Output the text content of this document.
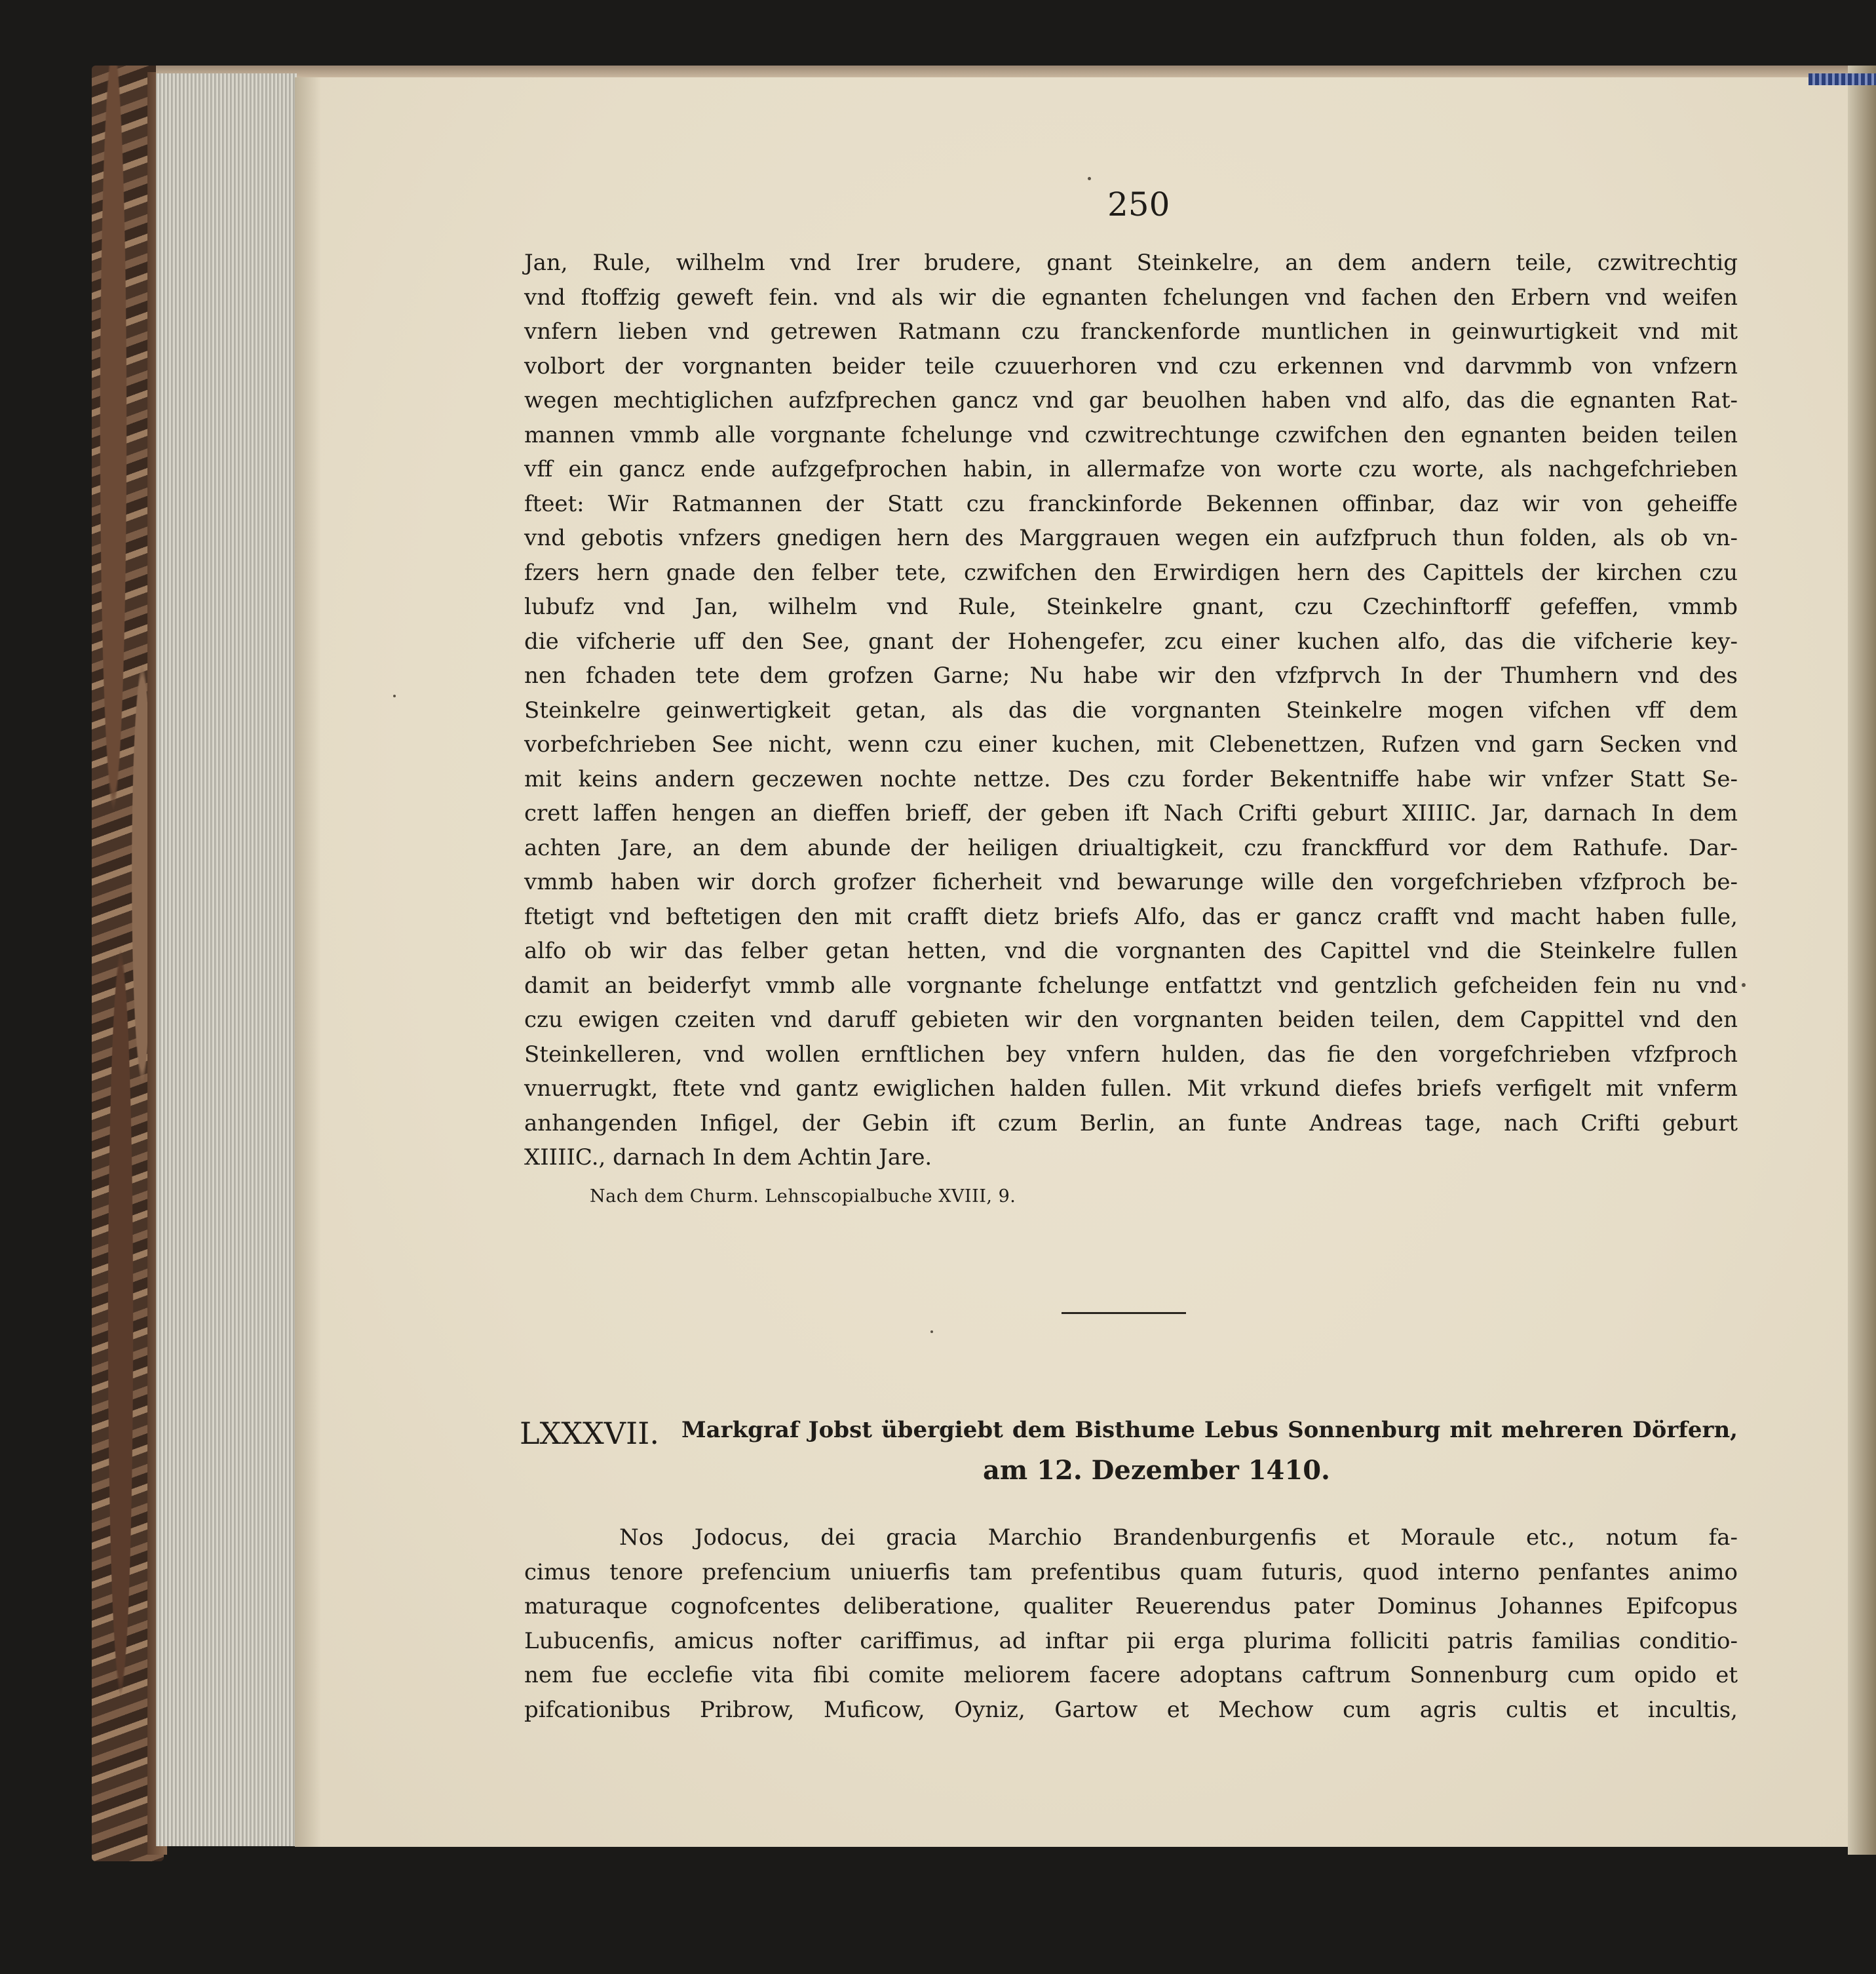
250
Jan, Rule, wilhelm vnd Irer brudere, gnant Steinkelre, an dem andern teile, czwitrechtig
vnd ftoffzig geweft fein. vnd als wir die egnanten fchelungen vnd fachen den Erbern vnd weifen
vnfern lieben vnd getrewen Ratmann czu franckenforde muntlichen in geinwurtigkeit vnd mit
volbort der vorgnanten beider teile czuuerhoren vnd czu erkennen vnd darvmmb von vnfzern
wegen mechtiglichen aufzfprechen gancz vnd gar beuolhen haben vnd alfo, das die egnanten Rat-
mannen vmmb alle vorgnante fchelunge vnd czwitrechtunge czwifchen den egnanten beiden teilen
vff ein gancz ende aufzgefprochen habin, in allermafze von worte czu worte, als nachgefchrieben
fteet: Wir Ratmannen der Statt czu franckinforde Bekennen offinbar, daz wir von geheiffe
vnd gebotis vnfzers gnedigen hern des Marggrauen wegen ein aufzfpruch thun folden, als ob vn-
fzers hern gnade den felber tete, czwifchen den Erwirdigen hern des Capittels der kirchen czu
lubufz vnd Jan, wilhelm vnd Rule, Steinkelre gnant, czu Czechinftorff gefeffen, vmmb
die vifcherie uff den See, gnant der Hohengefer, zcu einer kuchen alfo, das die vifcherie key-
nen fchaden tete dem grofzen Garne; Nu habe wir den vfzfprvch In der Thumhern vnd des
Steinkelre geinwertigkeit getan, als das die vorgnanten Steinkelre mogen vifchen vff dem
vorbefchrieben See nicht, wenn czu einer kuchen, mit Clebenettzen, Rufzen vnd garn Secken vnd
mit keins andern geczewen nochte nettze. Des czu forder Bekentniffe habe wir vnfzer Statt Se-
crett laffen hengen an dieffen brieff, der geben ift Nach Crifti geburt XIIIIC. Jar, darnach In dem
achten Jare, an dem abunde der heiligen driualtigkeit, czu franckffurd vor dem Rathufe. Dar-
vmmb haben wir dorch grofzer ficherheit vnd bewarunge wille den vorgefchrieben vfzfproch be-
ftetigt vnd beftetigen den mit crafft dietz briefs Alfo, das er gancz crafft vnd macht haben fulle,
alfo ob wir das felber getan hetten, vnd die vorgnanten des Capittel vnd die Steinkelre fullen
damit an beiderfyt vmmb alle vorgnante fchelunge entfattzt vnd gentzlich gefcheiden fein nu vnd
czu ewigen czeiten vnd daruff gebieten wir den vorgnanten beiden teilen, dem Cappittel vnd den
Steinkelleren, vnd wollen ernftlichen bey vnfern hulden, das fie den vorgefchrieben vfzfproch
vnuerrugkt, ftete vnd gantz ewiglichen halden fullen. Mit vrkund diefes briefs verfigelt mit vnferm
anhangenden Infigel, der Gebin ift czum Berlin, an funte Andreas tage, nach Crifti geburt
XIIIIC., darnach In dem Achtin Jare.
Nach dem Churm. Lehnscopialbuche XVIII, 9.
LXXXVII. Markgraf Jobst übergiebt dem Bisthume Lebus Sonnenburg mit mehreren Dörfern,
am 12. Dezember 1410.
Nos Jodocus, dei gracia Marchio Brandenburgenfis et Moraule etc., notum fa-
cimus tenore prefencium uniuerfis tam prefentibus quam futuris, quod interno penfantes animo
maturaque cognofcentes deliberatione, qualiter Reuerendus pater Dominus Johannes Epifcopus
Lubucenfis, amicus nofter cariffimus, ad inftar pii erga plurima folliciti patris familias conditio-
nem fue ecclefie vita fibi comite meliorem facere adoptans caftrum Sonnenburg cum opido et
pifcationibus Pribrow, Muficow, Oyniz, Gartow et Mechow cum agris cultis et incultis,
